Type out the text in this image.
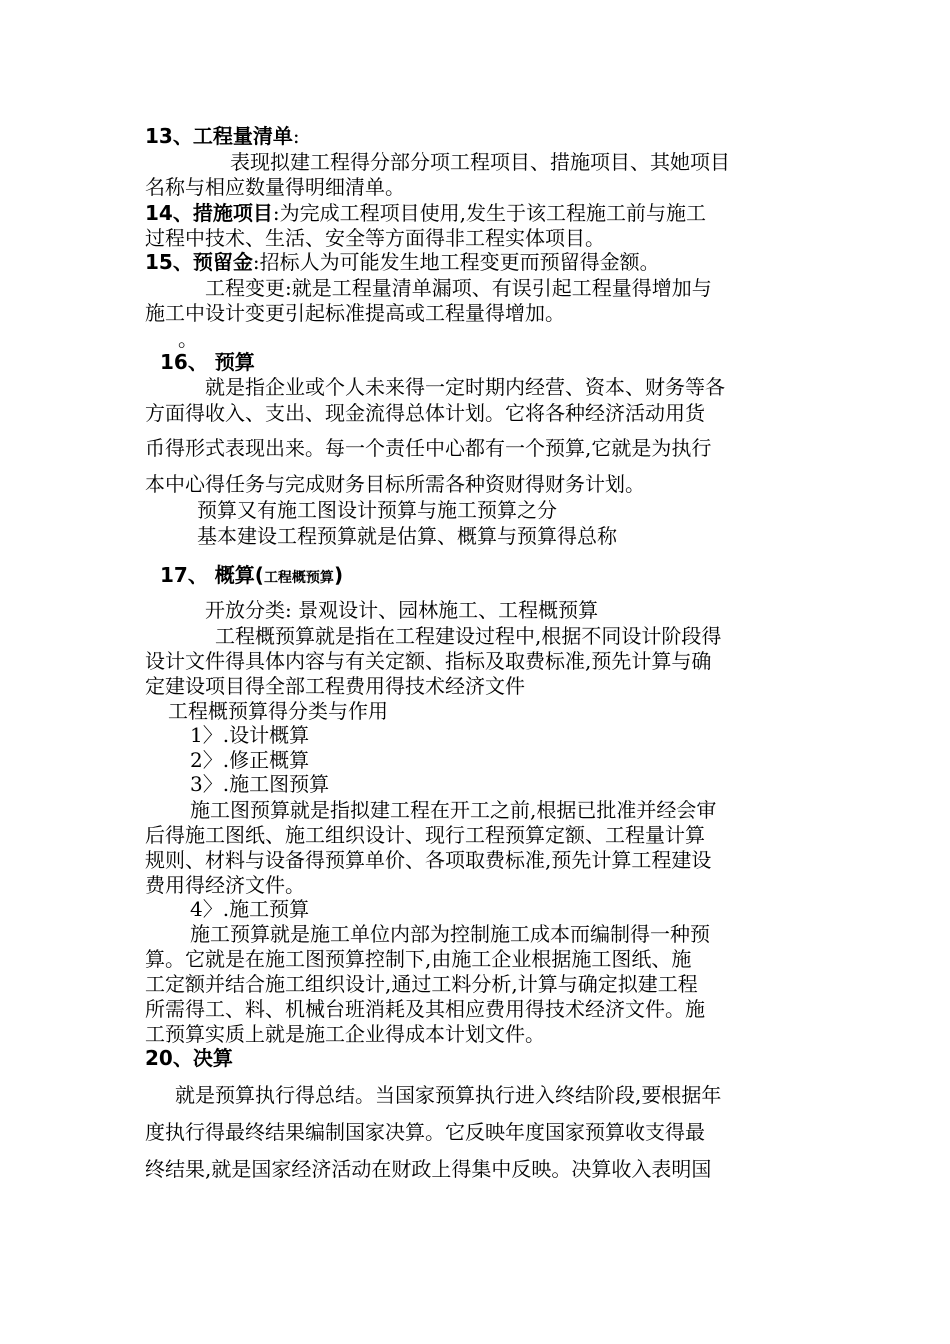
13、工程量清单:
表现拟建工程得分部分项工程项目、措施项目、其她项目
名称与相应数量得明细清单。
14、措施项目:为完成工程项目使用,发生于该工程施工前与施工
过程中技术、生活、安全等方面得非工程实体项目。
15、预留金:招标人为可能发生地工程变更而预留得金额。
工程变更:就是工程量清单漏项、有误引起工程量得增加与
施工中设计变更引起标准提高或工程量得增加。
。
16、 预算
就是指企业或个人未来得一定时期内经营、资本、财务等各
方面得收入、支出、现金流得总体计划。它将各种经济活动用货
币得形式表现出来。每一个责任中心都有一个预算,它就是为执行
本中心得任务与完成财务目标所需各种资财得财务计划。
预算又有施工图设计预算与施工预算之分
基本建设工程预算就是估算、概算与预算得总称
17、 概算(工程概预算)
开放分类: 景观设计、园林施工、工程概预算
工程概预算就是指在工程建设过程中,根据不同设计阶段得
设计文件得具体内容与有关定额、指标及取费标准,预先计算与确
定建设项目得全部工程费用得技术经济文件
工程概预算得分类与作用
1〉.设计概算
2〉.修正概算
3〉.施工图预算
施工图预算就是指拟建工程在开工之前,根据已批准并经会审
后得施工图纸、施工组织设计、现行工程预算定额、工程量计算
规则、材料与设备得预算单价、各项取费标准,预先计算工程建设
费用得经济文件。
4〉.施工预算
施工预算就是施工单位内部为控制施工成本而编制得一种预
算。它就是在施工图预算控制下,由施工企业根据施工图纸、施
工定额并结合施工组织设计,通过工料分析,计算与确定拟建工程
所需得工、料、机械台班消耗及其相应费用得技术经济文件。施
工预算实质上就是施工企业得成本计划文件。
20、决算
就是预算执行得总结。当国家预算执行进入终结阶段,要根据年
度执行得最终结果编制国家决算。它反映年度国家预算收支得最
终结果,就是国家经济活动在财政上得集中反映。决算收入表明国
